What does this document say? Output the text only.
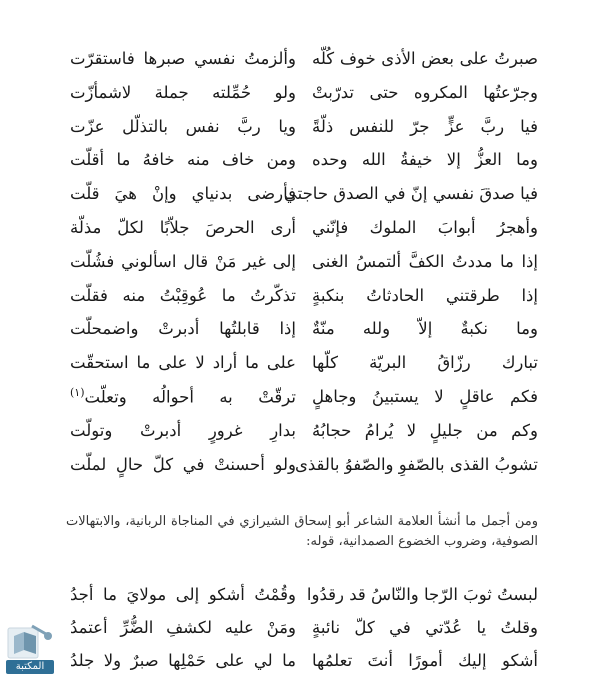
صبرتُ على بعض الأذى خوف كُلّه
وألزمتُ نفسي صبرها فاستقرّت
وجرّعتُها المكروه حتى تدرّبتْ
ولو حُمِّلته جملة لاشمأزّت
فيا ربَّ عزٍّ جرّ للنفس ذلّةً
ويا ربَّ نفس بالتذلّل عزّت
وما العزُّ إلا خيفةُ الله وحده
ومن خاف منه خافهُ ما أقلّت
فيا صدقَ نفسي إنّ في الصدق حاجتي
فأرضى بدنياي وإنْ هيَ قلّت
وأهجرُ أبوابَ الملوك فإنّني
أرى الحرصَ جلاّبًا لكلّ مذلّة
إذا ما مددتُ الكفَّ ألتمسُ الغنى
إلى غير مَنْ قال اسألوني فشُلّت
إذا طرقتني الحادثاتُ بنكبةٍ
تذكّرتُ ما عُوقِبْتُ منه فقلّت
وما نكبةٌ إلاّ ولله منّةٌ
إذا قابلتُها أدبرتْ واضمحلّت
تبارك رزّاقُ البريّة كلّها
على ما أراد لا على ما استحقّت
فكم عاقلٍ لا يستبينُ وجاهلٍ
ترقّتْ به أحوالُه وتعلّت$^{(١)}$
وكم من جليلٍ لا يُرامُ حجابُهُ
بدارِ غرورٍ أدبرتْ وتولّت
تشوبُ القذى بالصّفوِ والصّفوُ بالقذى
ولو أحسنتْ في كلّ حالٍ لملّت

ومن أجمل ما أنشأ العلامة الشاعر أبو إسحاق الشيرازي في المناجاة الربانية، والابتهالات الصوفية، وضروب الخضوع الصمدانية، قوله:

لبستُ ثوبَ الرّجا والنّاسُ قد رقدُوا
وقُمْتُ أشكو إلى مولايَ ما أجدُ
وقلتُ يا عُدّتي في كلّ نائبةٍ
ومَنْ عليه لكشفِ الضُّرِّ أعتمدُ
أشكو إليك أمورًا أنتَ تعلمُها
ما لي على حَمْلِها صبرٌ ولا جلدُ
المكتبة
